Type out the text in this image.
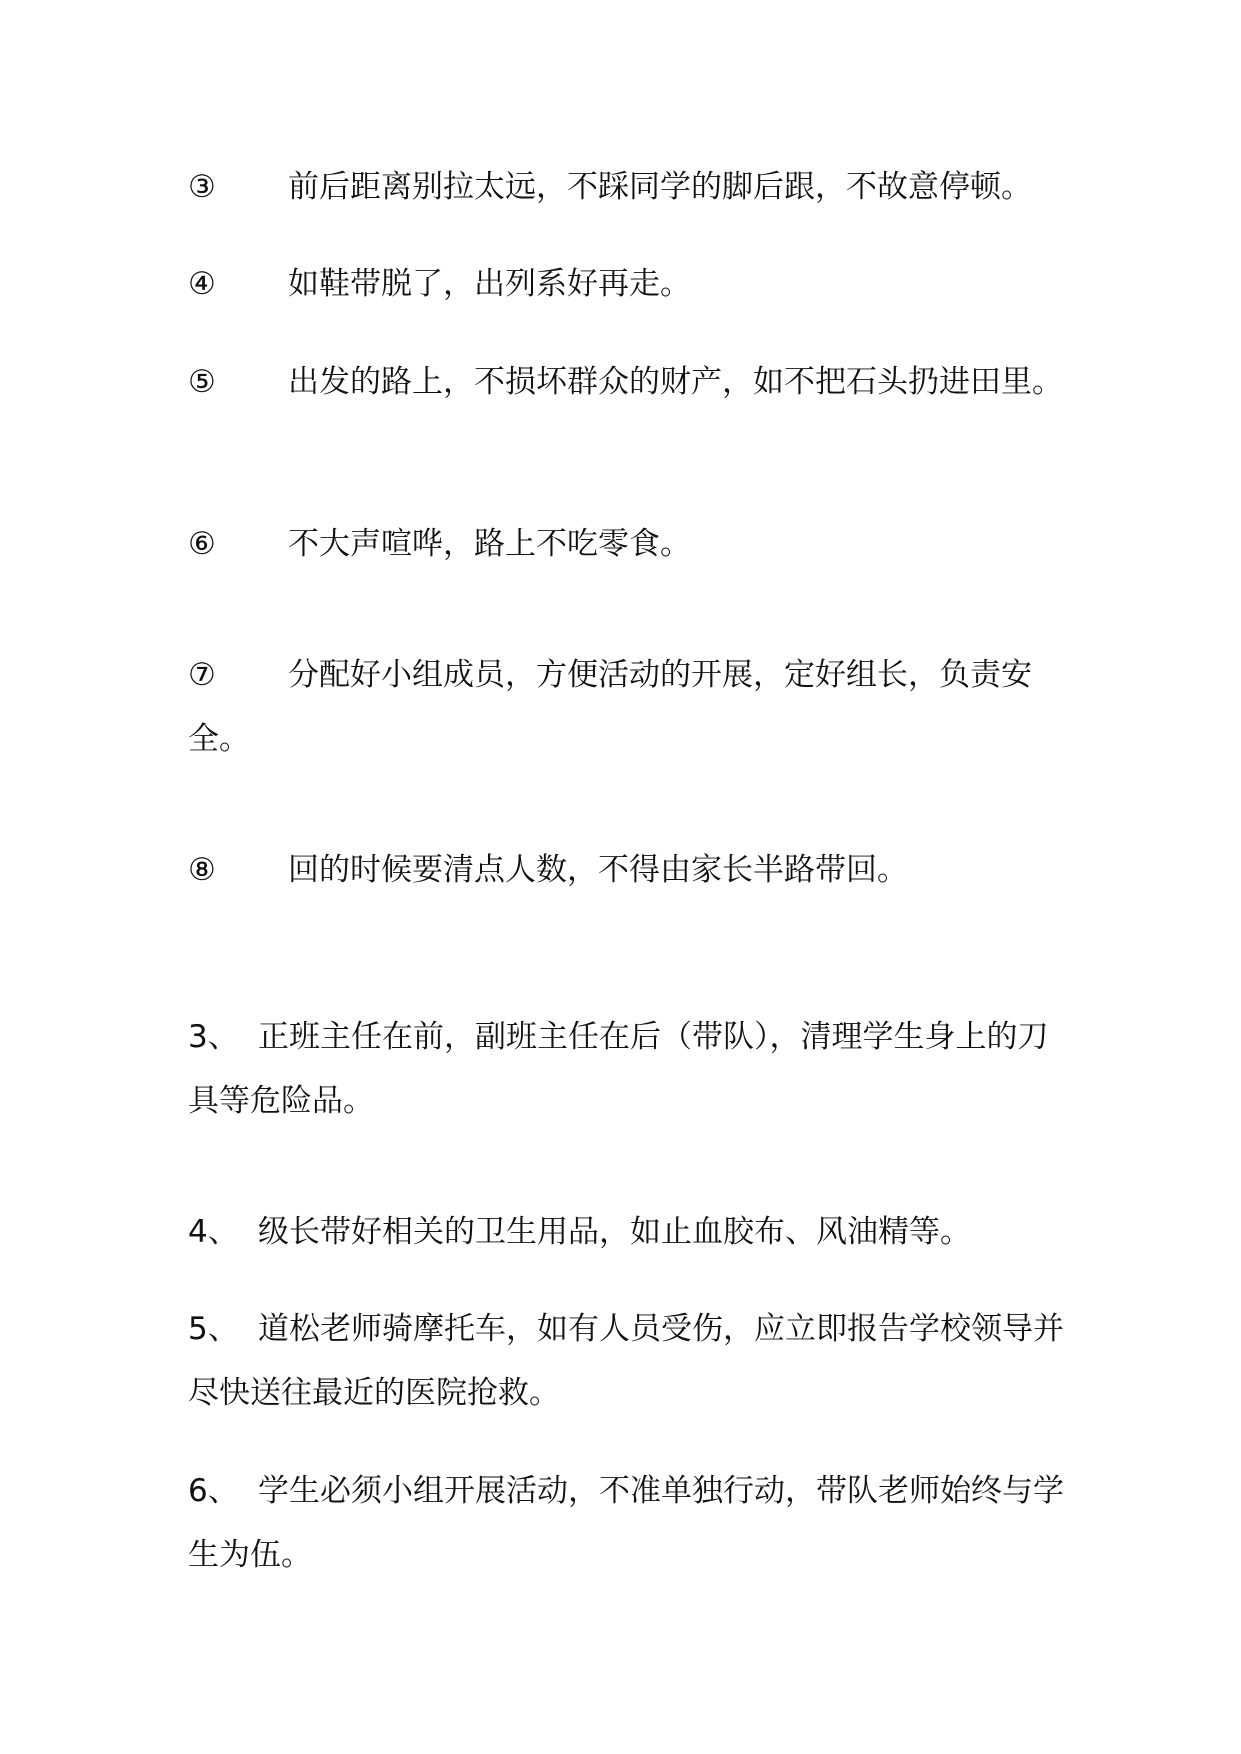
③ 前后距离别拉太远，不踩同学的脚后跟，不故意停顿。
④ 如鞋带脱了，出列系好再走。
⑤ 出发的路上，不损坏群众的财产，如不把石头扔进田里。
⑥ 不大声喧哗，路上不吃零食。
⑦ 分配好小组成员，方便活动的开展，定好组长，负责安全。
⑧ 回的时候要清点人数，不得由家长半路带回。
3、 正班主任在前，副班主任在后（带队），清理学生身上的刀具等危险品。
4、 级长带好相关的卫生用品，如止血胶布、风油精等。
5、 道松老师骑摩托车，如有人员受伤，应立即报告学校领导并尽快送往最近的医院抢救。
6、 学生必须小组开展活动，不准单独行动，带队老师始终与学生为伍。
